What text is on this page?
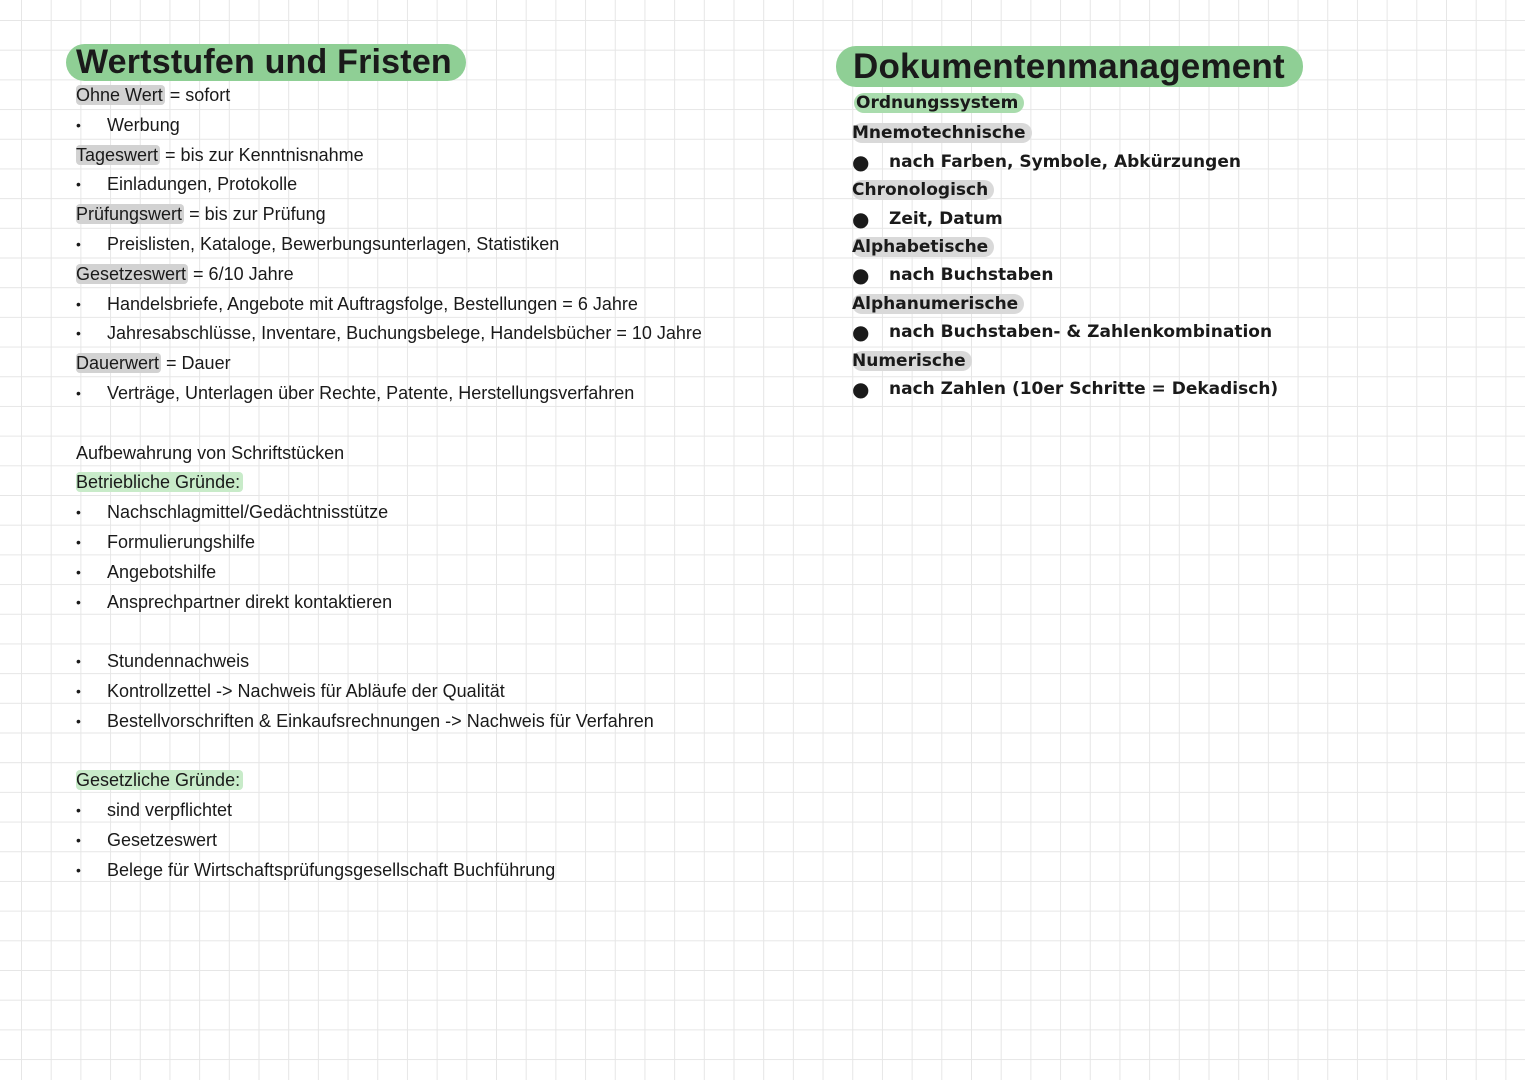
Wertstufen und Fristen
Ohne Wert = sofort
• Werbung
Tageswert = bis zur Kenntnisnahme
• Einladungen, Protokolle
Prüfungswert = bis zur Prüfung
• Preislisten, Kataloge, Bewerbungsunterlagen, Statistiken
Gesetzeswert = 6/10 Jahre
• Handelsbriefe, Angebote mit Auftragsfolge, Bestellungen = 6 Jahre
• Jahresabschlüsse, Inventare, Buchungsbelege, Handelsbücher = 10 Jahre
Dauerwert = Dauer
• Verträge, Unterlagen über Rechte, Patente, Herstellungsverfahren
Aufbewahrung von Schriftstücken
Betriebliche Gründe:
• Nachschlagmittel/Gedächtnisstütze
• Formulierungshilfe
• Angebotshilfe
• Ansprechpartner direkt kontaktieren
• Stundennachweis
• Kontrollzettel -> Nachweis für Abläufe der Qualität
• Bestellvorschriften & Einkaufsrechnungen -> Nachweis für Verfahren
Gesetzliche Gründe:
• sind verpflichtet
• Gesetzeswert
• Belege für Wirtschaftsprüfungsgesellschaft Buchführung
Dokumentenmanagement
Ordnungssystem
Mnemotechnische
● nach Farben, Symbole, Abkürzungen
Chronologisch
● Zeit, Datum
Alphabetische
● nach Buchstaben
Alphanumerische
● nach Buchstaben- & Zahlenkombination
Numerische
● nach Zahlen (10er Schritte = Dekadisch)
